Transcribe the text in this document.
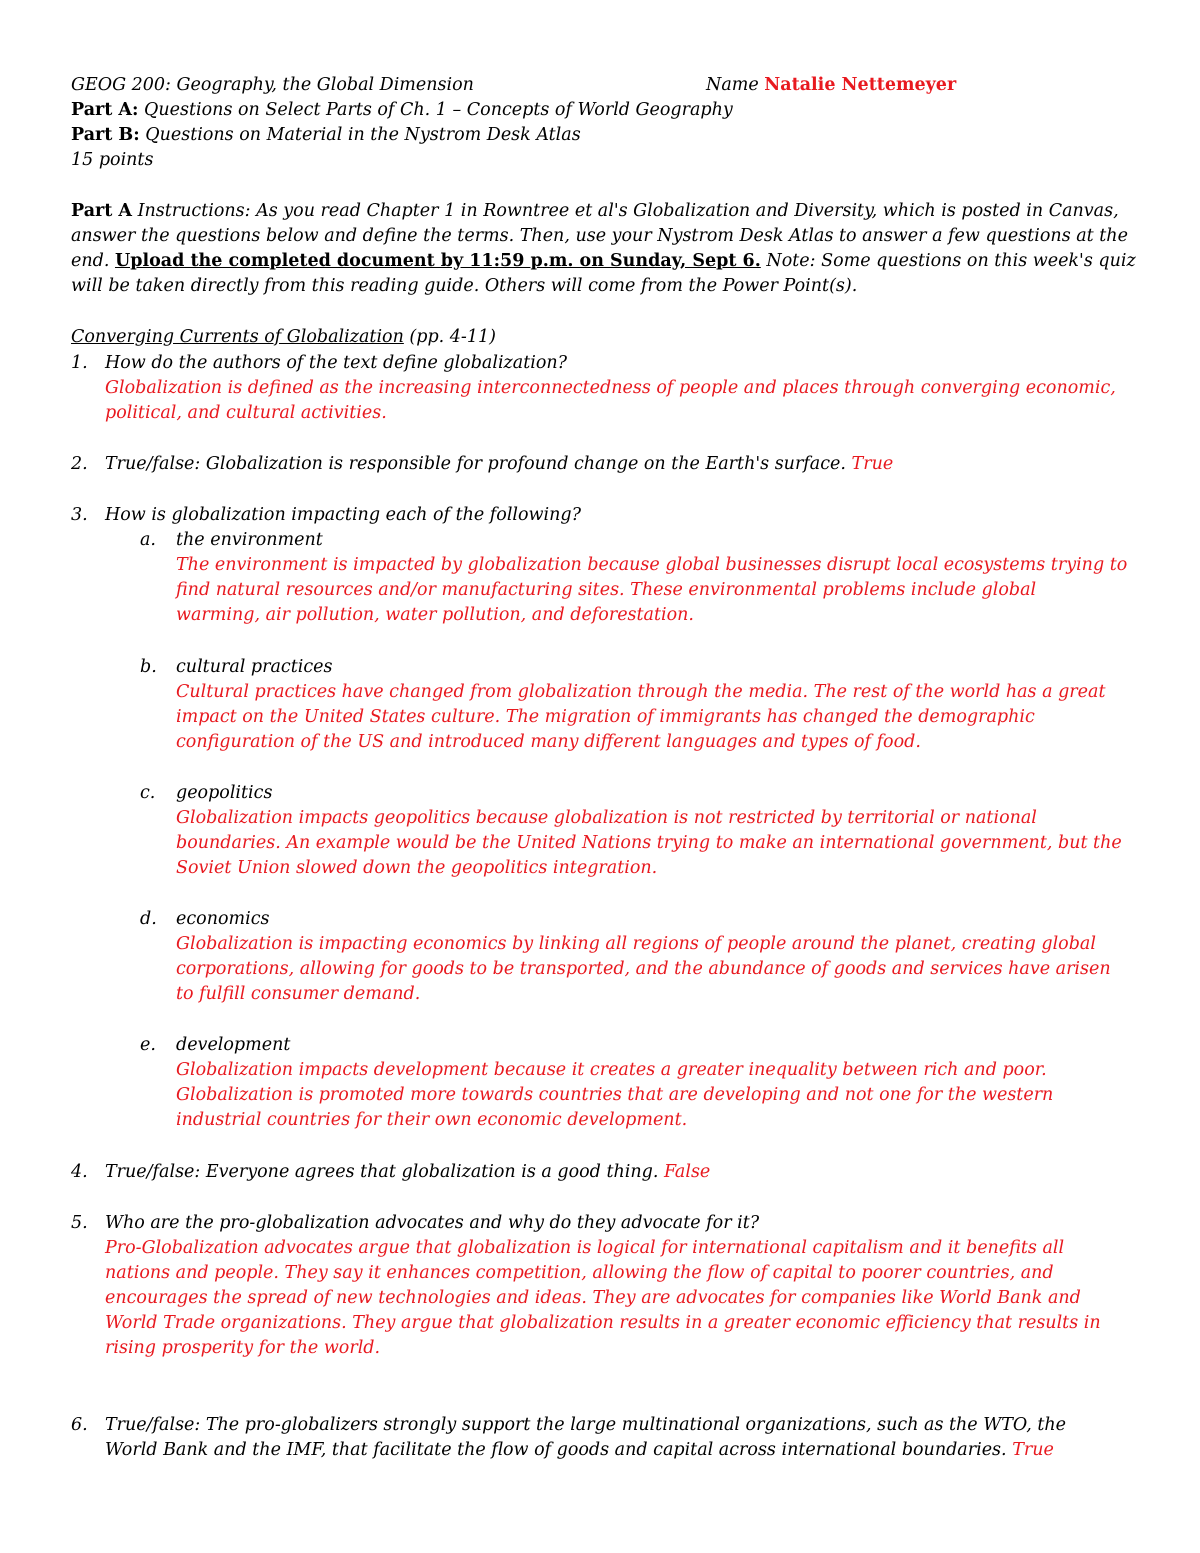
GEOG 200: Geography, the Global Dimension	Name Natalie Nettemeyer
Part A: Questions on Select Parts of Ch. 1 – Concepts of World Geography
Part B: Questions on Material in the Nystrom Desk Atlas
15 points
Part A Instructions: As you read Chapter 1 in Rowntree et al's Globalization and Diversity, which is posted in Canvas,
answer the questions below and define the terms. Then, use your Nystrom Desk Atlas to answer a few questions at the
end. Upload the completed document by 11:59 p.m. on Sunday, Sept 6. Note: Some questions on this week's quiz
will be taken directly from this reading guide. Others will come from the Power Point(s).
Converging Currents of Globalization (pp. 4-11)
1. How do the authors of the text define globalization?
Globalization is defined as the increasing interconnectedness of people and places through converging economic,
political, and cultural activities.
2. True/false: Globalization is responsible for profound change on the Earth's surface. True
3. How is globalization impacting each of the following?
a. the environment
The environment is impacted by globalization because global businesses disrupt local ecosystems trying to
find natural resources and/or manufacturing sites. These environmental problems include global
warming, air pollution, water pollution, and deforestation.
b. cultural practices
Cultural practices have changed from globalization through the media. The rest of the world has a great
impact on the United States culture. The migration of immigrants has changed the demographic
configuration of the US and introduced many different languages and types of food.
c. geopolitics
Globalization impacts geopolitics because globalization is not restricted by territorial or national
boundaries. An example would be the United Nations trying to make an international government, but the
Soviet Union slowed down the geopolitics integration.
d. economics
Globalization is impacting economics by linking all regions of people around the planet, creating global
corporations, allowing for goods to be transported, and the abundance of goods and services have arisen
to fulfill consumer demand.
e. development
Globalization impacts development because it creates a greater inequality between rich and poor.
Globalization is promoted more towards countries that are developing and not one for the western
industrial countries for their own economic development.
4. True/false: Everyone agrees that globalization is a good thing. False
5. Who are the pro-globalization advocates and why do they advocate for it?
Pro-Globalization advocates argue that globalization is logical for international capitalism and it benefits all
nations and people. They say it enhances competition, allowing the flow of capital to poorer countries, and
encourages the spread of new technologies and ideas. They are advocates for companies like World Bank and
World Trade organizations. They argue that globalization results in a greater economic efficiency that results in
rising prosperity for the world.
6. True/false: The pro-globalizers strongly support the large multinational organizations, such as the WTO, the
World Bank and the IMF, that facilitate the flow of goods and capital across international boundaries. True
